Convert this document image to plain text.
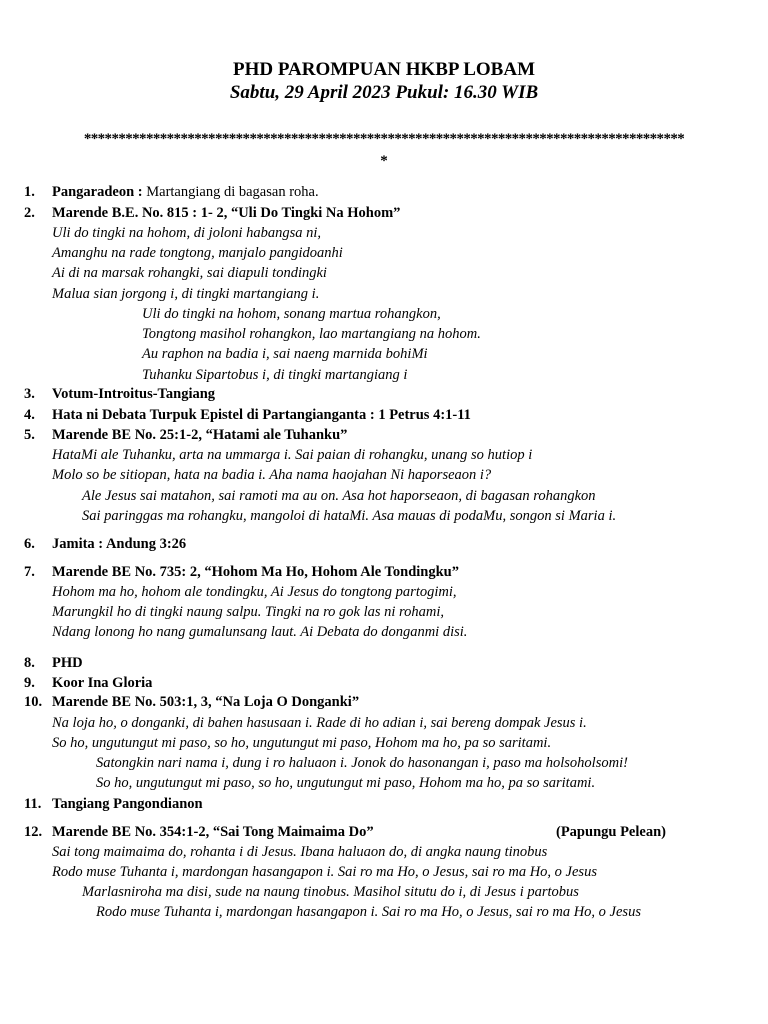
PHD PAROMPUAN HKBP LOBAM
Sabtu, 29 April 2023 Pukul: 16.30 WIB
***************************************************************************************
*
1. Pangaradeon : Martangiang di bagasan roha.
2. Marende B.E. No. 815 : 1- 2, “Uli Do Tingki Na Hohom”
Uli do tingki na hohom, di joloni habangsa ni,
Amanghu na rade tongtong, manjalo pangidoanhi
Ai di na marsak rohangki, sai diapuli tondingki
Malua sian jorgong i, di tingki martangiang i.
Uli do tingki na hohom, sonang martua rohangkon,
Tongtong masihol rohangkon, lao martangiang na hohom.
Au raphon na badia i, sai naeng marnida bohiMi
Tuhanku Sipartobus i, di tingki martangiang i
3. Votum-Introitus-Tangiang
4. Hata ni Debata Turpuk Epistel di Partangianganta : 1 Petrus 4:1-11
5. Marende BE No. 25:1-2, “Hatami ale Tuhanku”
HataMi ale Tuhanku, arta na ummarga i. Sai paian di rohangku, unang so hutiop i
Molo so be sitiopan, hata na badia i. Aha nama haojahan Ni haporseaon i?
Ale Jesus sai matahon, sai ramoti ma au on. Asa hot haporseaon, di bagasan rohangkon
Sai paringgas ma rohangku, mangoloi di hataMi. Asa mauas di podaMu, songon si Maria i.
6. Jamita : Andung 3:26
7. Marende BE No. 735: 2, “Hohom Ma Ho, Hohom Ale Tondingku”
Hohom ma ho, hohom ale tondingku, Ai Jesus do tongtong partogimi,
Marungkil ho di tingki naung salpu. Tingki na ro gok las ni rohami,
Ndang lonong ho nang gumalunsang laut. Ai Debata do donganmi disi.
8. PHD
9. Koor Ina Gloria
10. Marende BE No. 503:1, 3, “Na Loja O Donganki”
Na loja ho, o donganki, di bahen hasusaan i. Rade di ho adian i, sai bereng dompak Jesus i.
So ho, ungutungut mi paso, so ho, ungutungut mi paso, Hohom ma ho, pa so saritami.
Satongkin nari nama i, dung i ro haluaon i. Jonok do hasonangan i, paso ma holsoholsomi!
So ho, ungutungut mi paso, so ho, ungutungut mi paso, Hohom ma ho, pa so saritami.
11. Tangiang Pangondianon
12. Marende BE No. 354:1-2, “Sai Tong Maimaima Do”	(Papungu Pelean)
Sai tong maimaima do, rohanta i di Jesus. Ibana haluaon do, di angka naung tinobus
Rodo muse Tuhanta i, mardongan hasangapon i. Sai ro ma Ho, o Jesus, sai ro ma Ho, o Jesus
Marlasniroha ma disi, sude na naung tinobus. Masihol situtu do i, di Jesus i partobus
Rodo muse Tuhanta i, mardongan hasangapon i. Sai ro ma Ho, o Jesus, sai ro ma Ho, o Jesus
